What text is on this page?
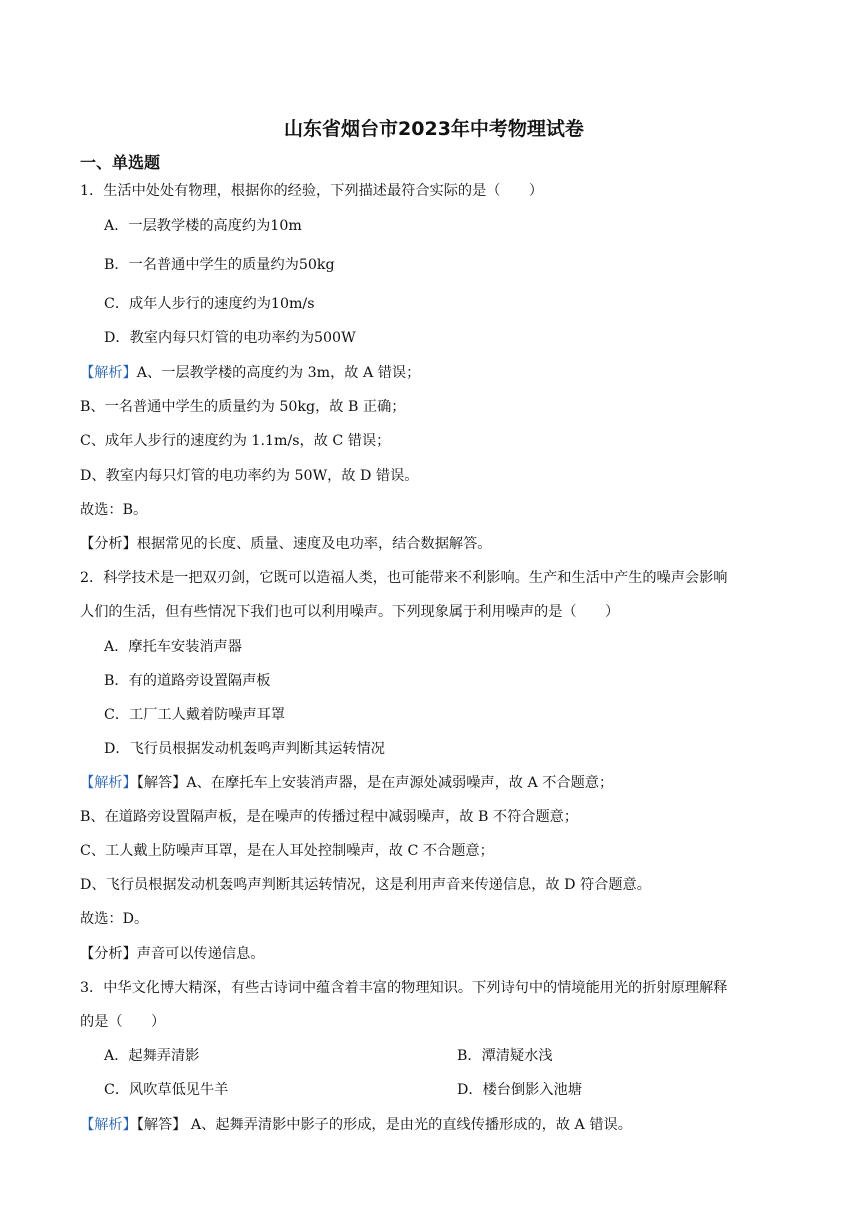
山东省烟台市2023年中考物理试卷
一、单选题
1．生活中处处有物理，根据你的经验，下列描述最符合实际的是（　　）
A．一层教学楼的高度约为10m
B．一名普通中学生的质量约为50kg
C．成年人步行的速度约为10m/s
D．教室内每只灯管的电功率约为500W
【解析】A、一层教学楼的高度约为 3m，故 A 错误；
B、一名普通中学生的质量约为 50kg，故 B 正确；
C、成年人步行的速度约为 1.1m/s，故 C 错误；
D、教室内每只灯管的电功率约为 50W，故 D 错误。
故选：B。
【分析】根据常见的长度、质量、速度及电功率，结合数据解答。
2．科学技术是一把双刃剑，它既可以造福人类，也可能带来不利影响。生产和生活中产生的噪声会影响
人们的生活，但有些情况下我们也可以利用噪声。下列现象属于利用噪声的是（　　）
A．摩托车安装消声器
B．有的道路旁设置隔声板
C．工厂工人戴着防噪声耳罩
D．飞行员根据发动机轰鸣声判断其运转情况
【解析】【解答】A、在摩托车上安装消声器，是在声源处减弱噪声，故 A 不合题意；
B、在道路旁设置隔声板，是在噪声的传播过程中减弱噪声，故 B 不符合题意；
C、工人戴上防噪声耳罩，是在人耳处控制噪声，故 C 不合题意；
D、飞行员根据发动机轰鸣声判断其运转情况，这是利用声音来传递信息，故 D 符合题意。
故选：D。
【分析】声音可以传递信息。
3．中华文化博大精深，有些古诗词中蕴含着丰富的物理知识。下列诗句中的情境能用光的折射原理解释
的是（　　）
A．起舞弄清影	B．潭清疑水浅
C．风吹草低见牛羊	D．楼台倒影入池塘
【解析】【解答】 A、起舞弄清影中影子的形成，是由光的直线传播形成的，故 A 错误。
